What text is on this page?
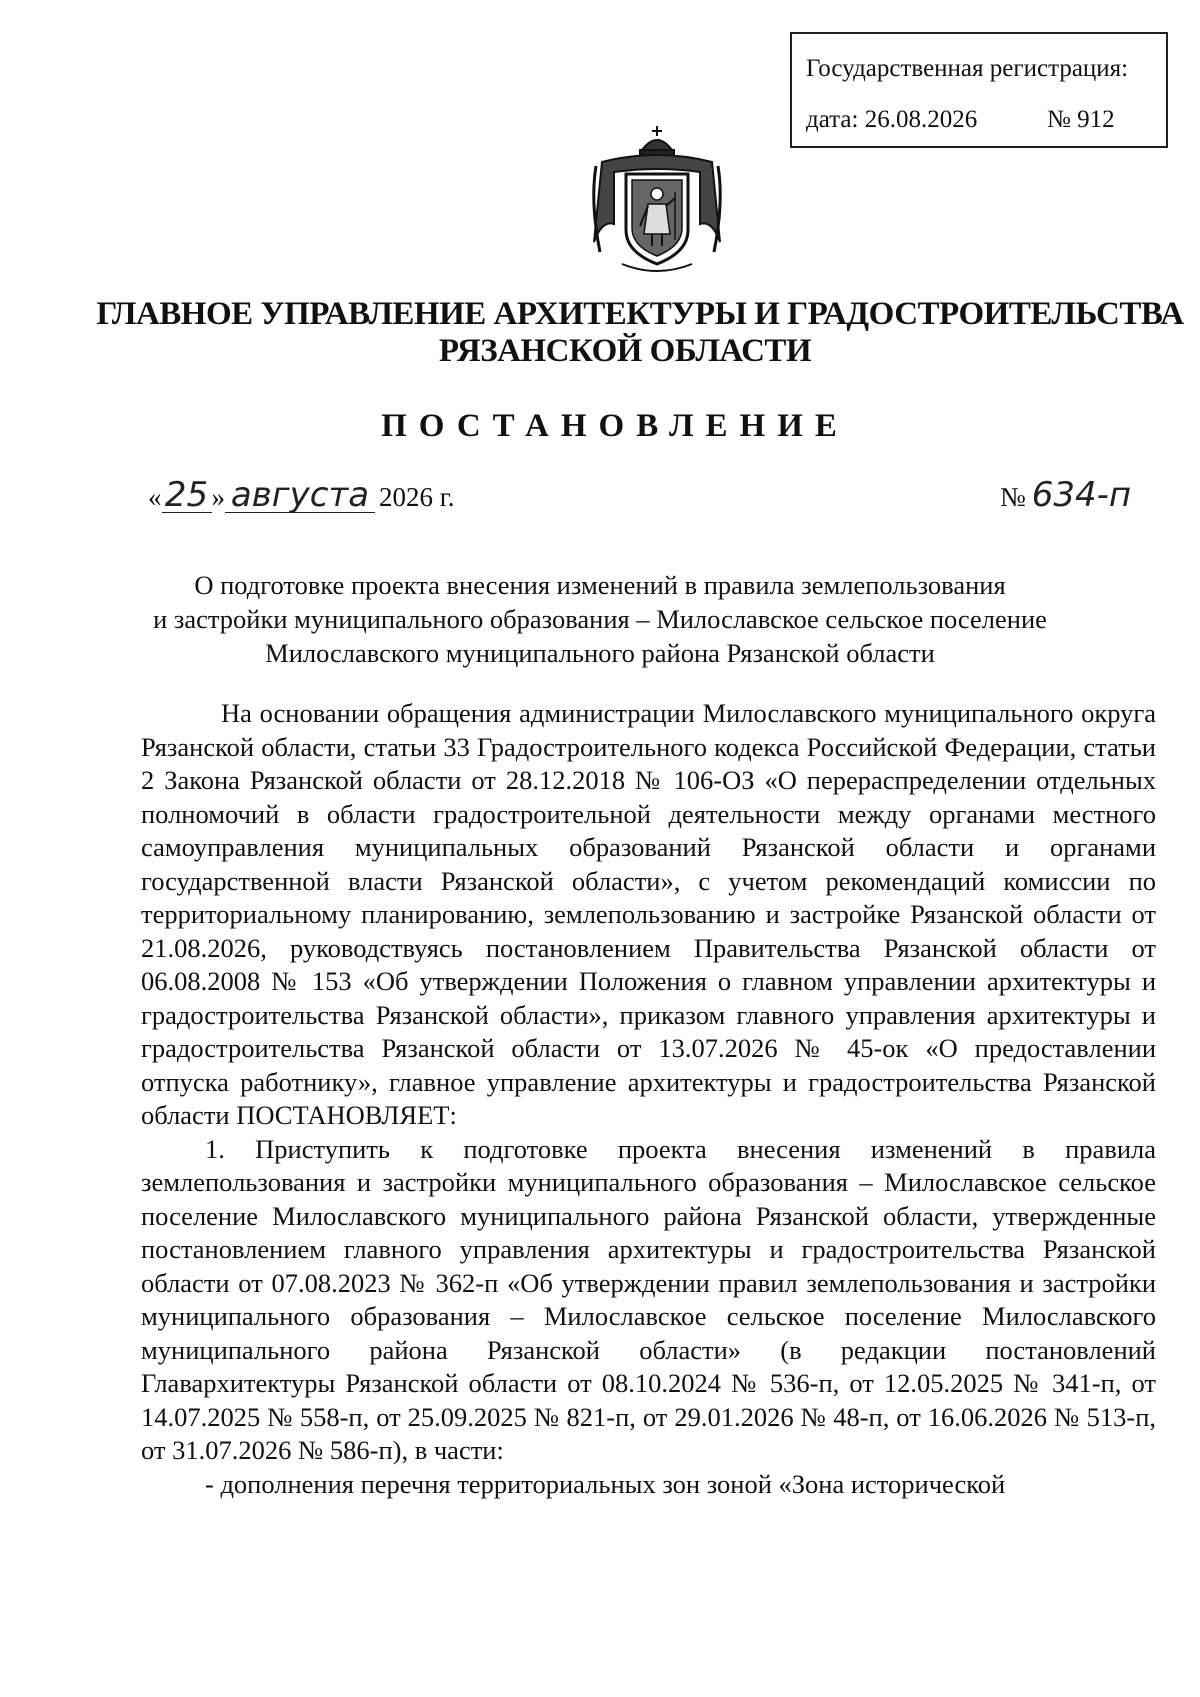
Государственная регистрация:
дата: 26.08.2026	№ 912
ГЛАВНОЕ УПРАВЛЕНИЕ АРХИТЕКТУРЫ И ГРАДОСТРОИТЕЛЬСТВА
РЯЗАНСКОЙ ОБЛАСТИ
ПОСТАНОВЛЕНИЕ
«25 » августа 2026 г.	№ 634-п
О подготовке проекта внесения изменений в правила землепользования
и застройки муниципального образования – Милославское сельское поселение
Милославского муниципального района Рязанской области

На основании обращения администрации Милославского муниципального округа Рязанской области, статьи 33 Градостроительного кодекса Российской Федерации, статьи 2 Закона Рязанской области от 28.12.2018 № 106-ОЗ «О перераспределении отдельных полномочий в области градостроительной деятельности между органами местного самоуправления муниципальных образований Рязанской области и органами государственной власти Рязанской области», с учетом рекомендаций комиссии по территориальному планированию, землепользованию и застройке Рязанской области от 21.08.2026, руководствуясь постановлением Правительства Рязанской области от 06.08.2008 № 153 «Об утверждении Положения о главном управлении архитектуры и градостроительства Рязанской области», приказом главного управления архитектуры и градостроительства Рязанской области от 13.07.2026 № 45-ок «О предоставлении отпуска работнику», главное управление архитектуры и градостроительства Рязанской области ПОСТАНОВЛЯЕТ:

1. Приступить к подготовке проекта внесения изменений в правила землепользования и застройки муниципального образования – Милославское сельское поселение Милославского муниципального района Рязанской области, утвержденные постановлением главного управления архитектуры и градостроительства Рязанской области от 07.08.2023 № 362-п «Об утверждении правил землепользования и застройки муниципального образования – Милославское сельское поселение Милославского муниципального района Рязанской области» (в редакции постановлений Главархитектуры Рязанской области от 08.10.2024 № 536-п, от 12.05.2025 № 341-п, от 14.07.2025 № 558-п, от 25.09.2025 № 821-п, от 29.01.2026 № 48-п, от 16.06.2026 № 513-п, от 31.07.2026 № 586-п), в части:

- дополнения перечня территориальных зон зоной «Зона исторической
